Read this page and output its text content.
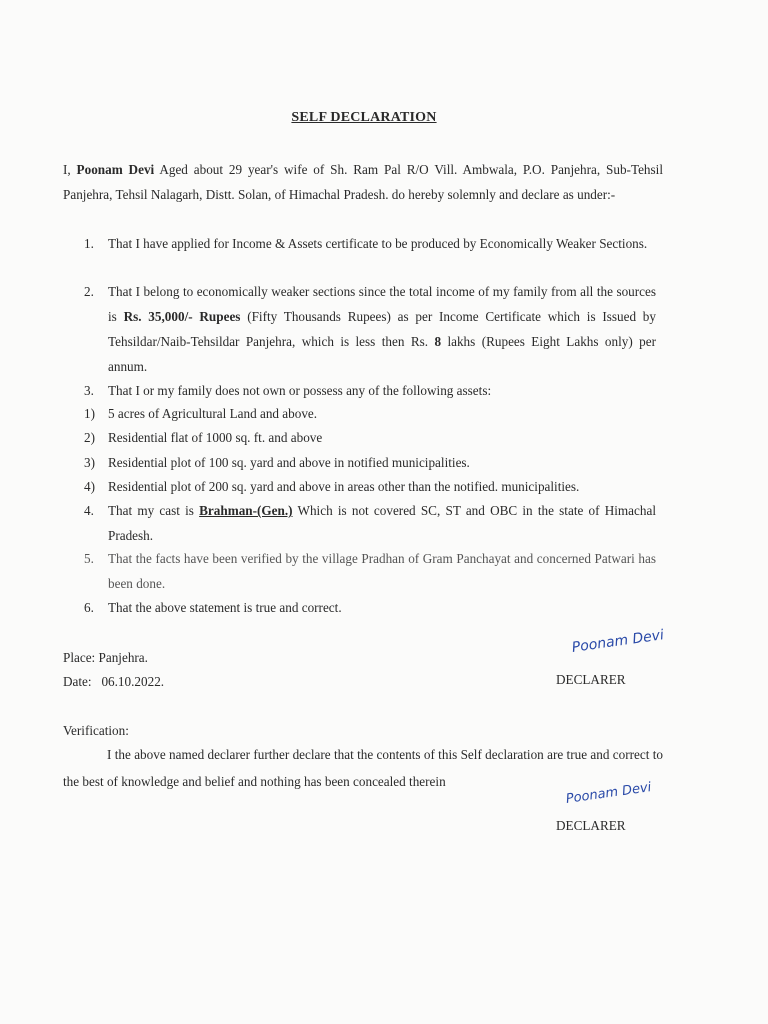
SELF DECLARATION
I, Poonam Devi Aged about 29 year's wife of Sh. Ram Pal R/O Vill. Ambwala, P.O. Panjehra, Sub-Tehsil Panjehra, Tehsil Nalagarh, Distt. Solan, of Himachal Pradesh. do hereby solemnly and declare as under:-
1.	That I have applied for Income & Assets certificate to be produced by Economically Weaker Sections.
2.	That I belong to economically weaker sections since the total income of my family from all the sources is Rs. 35,000/- Rupees (Fifty Thousands Rupees) as per Income Certificate which is Issued by Tehsildar/Naib-Tehsildar Panjehra, which is less then Rs. 8 lakhs (Rupees Eight Lakhs only) per annum.
3.	That I or my family does not own or possess any of the following assets:
1) 5 acres of Agricultural Land and above.
2) Residential flat of 1000 sq. ft. and above
3) Residential plot of 100 sq. yard and above in notified municipalities.
4) Residential plot of 200 sq. yard and above in areas other than the notified. municipalities.
4.	That my cast is Brahman-(Gen.) Which is not covered SC, ST and OBC in the state of Himachal Pradesh.
5.	That the facts have been verified by the village Pradhan of Gram Panchayat and concerned Patwari has been done.
6.	That the above statement is true and correct.
Place: Panjehra.
Date:   06.10.2022.
Poonam Devi
DECLARER
Verification:
I the above named declarer further declare that the contents of this Self declaration are true and correct to the best of knowledge and belief and nothing has been concealed therein	Poonam Devi
DECLARER
